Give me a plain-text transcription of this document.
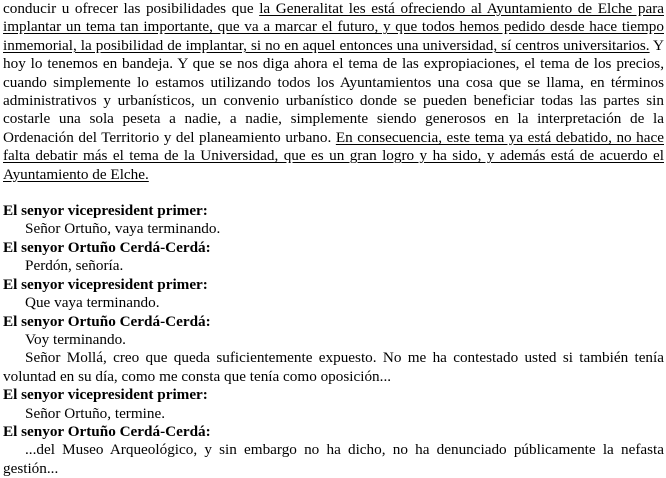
conducir u ofrecer las posibilidades que la Generalitat les está ofreciendo al Ayuntamiento de Elche para implantar un tema tan importante, que va a marcar el futuro, y que todos hemos pedido desde hace tiempo inmemorial, la posibilidad de implantar, si no en aquel entonces una universidad, sí centros universitarios. Y hoy lo tenemos en bandeja. Y que se nos diga ahora el tema de las expropiaciones, el tema de los precios, cuando simplemente lo estamos utilizando todos los Ayuntamientos una cosa que se llama, en términos administrativos y urbanísticos, un convenio urbanístico donde se pueden beneficiar todas las partes sin costarle una sola peseta a nadie, a nadie, simplemente siendo generosos en la interpretación de la Ordenación del Territorio y del planeamiento urbano. En consecuencia, este tema ya está debatido, no hace falta debatir más el tema de la Universidad, que es un gran logro y ha sido, y además está de acuerdo el Ayuntamiento de Elche.

El senyor vicepresident primer:

Señor Ortuño, vaya terminando.

El senyor Ortuño Cerdá-Cerdá:

Perdón, señoría.

El senyor vicepresident primer:

Que vaya terminando.

El senyor Ortuño Cerdá-Cerdá:

Voy terminando.

Señor Mollá, creo que queda suficientemente expuesto. No me ha contestado usted si también tenía voluntad en su día, como me consta que tenía como oposición...

El senyor vicepresident primer:

Señor Ortuño, termine.

El senyor Ortuño Cerdá-Cerdá:

...del Museo Arqueológico, y sin embargo no ha dicho, no ha denunciado públicamente la nefasta gestión...
